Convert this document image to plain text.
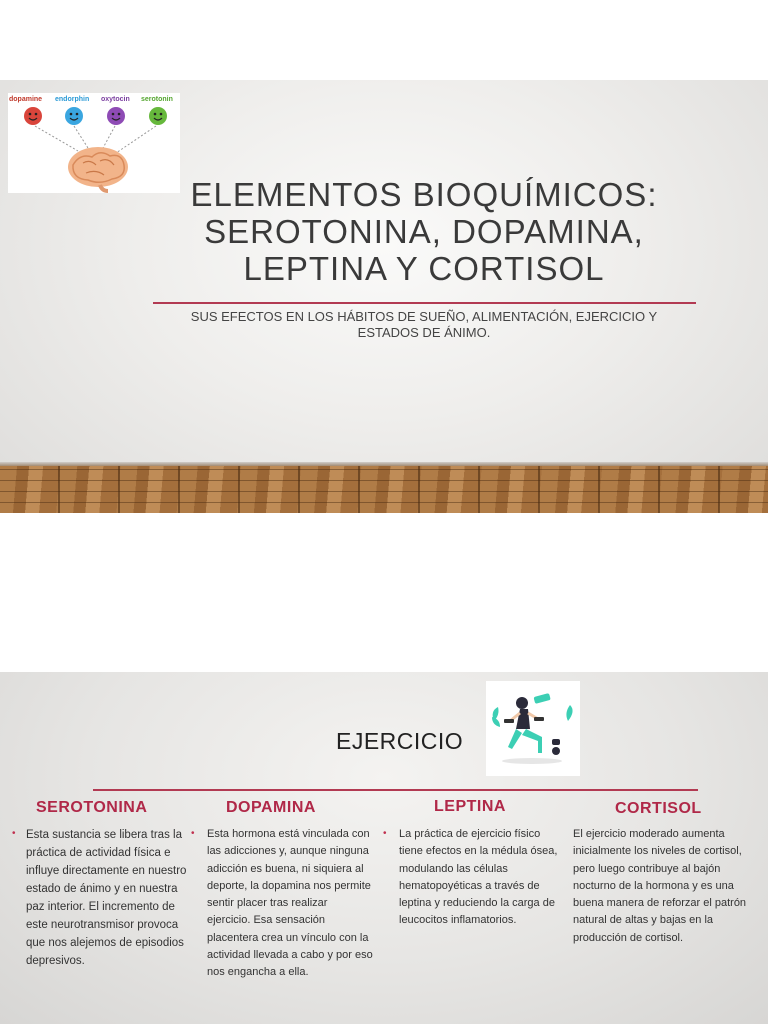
dopamine endorphin oxytocin serotonin
ELEMENTOS BIOQUÍMICOS:
SEROTONINA, DOPAMINA,
LEPTINA Y CORTISOL
SUS EFECTOS EN LOS HÁBITOS DE SUEÑO, ALIMENTACIÓN, EJERCICIO Y ESTADOS DE ÁNIMO.
EJERCICIO
SEROTONINA
• Esta sustancia se libera tras la práctica de actividad física e influye directamente en nuestro estado de ánimo y en nuestra paz interior. El incremento de este neurotransmisor provoca que nos alejemos de episodios depresivos.
DOPAMINA
• Esta hormona está vinculada con las adicciones y, aunque ninguna adicción es buena, ni siquiera al deporte, la dopamina nos permite sentir placer tras realizar ejercicio. Esa sensación placentera crea un vínculo con la actividad llevada a cabo y por eso nos engancha a ella.
LEPTINA
• La práctica de ejercicio físico tiene efectos en la médula ósea, modulando las células hematopoyéticas a través de leptina y reduciendo la carga de leucocitos inflamatorios.
CORTISOL
El ejercicio moderado aumenta inicialmente los niveles de cortisol, pero luego contribuye al bajón nocturno de la hormona y es una buena manera de reforzar el patrón natural de altas y bajas en la producción de cortisol.
